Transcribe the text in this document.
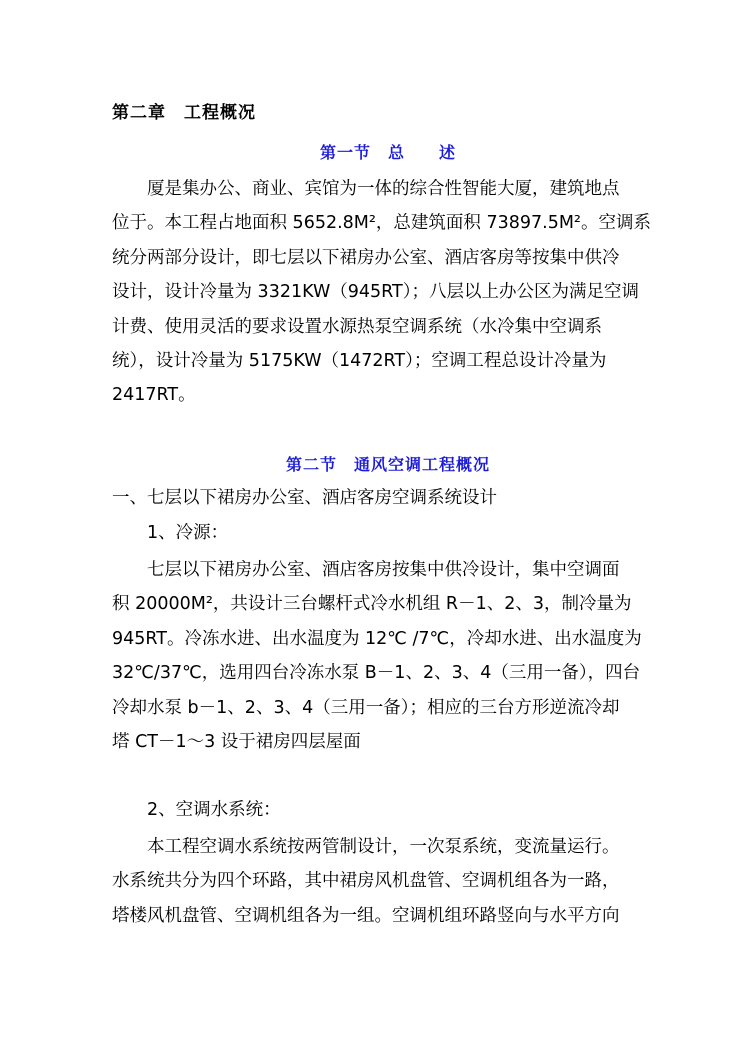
第二章　工程概况
第一节　总　　述
　　厦是集办公、商业、宾馆为一体的综合性智能大厦，建筑地点
位于。本工程占地面积 5652.8M²，总建筑面积 73897.5M²。空调系
统分两部分设计，即七层以下裙房办公室、酒店客房等按集中供冷
设计，设计冷量为 3321KW（945RT）；八层以上办公区为满足空调
计费、使用灵活的要求设置水源热泵空调系统（水冷集中空调系
统），设计冷量为 5175KW（1472RT）；空调工程总设计冷量为
2417RT。
第二节　通风空调工程概况
一、七层以下裙房办公室、酒店客房空调系统设计
1、冷源：
　　七层以下裙房办公室、酒店客房按集中供冷设计，集中空调面
积 20000M²，共设计三台螺杆式冷水机组 R－1、2、3，制冷量为
945RT。冷冻水进、出水温度为 12℃ /7℃，冷却水进、出水温度为
32℃/37℃，选用四台冷冻水泵 B－1、2、3、4（三用一备），四台
冷却水泵 b－1、2、3、4（三用一备）；相应的三台方形逆流冷却
塔 CT－1～3 设于裙房四层屋面
2、空调水系统：
　　本工程空调水系统按两管制设计，一次泵系统，变流量运行。
水系统共分为四个环路，其中裙房风机盘管、空调机组各为一路，
塔楼风机盘管、空调机组各为一组。空调机组环路竖向与水平方向
